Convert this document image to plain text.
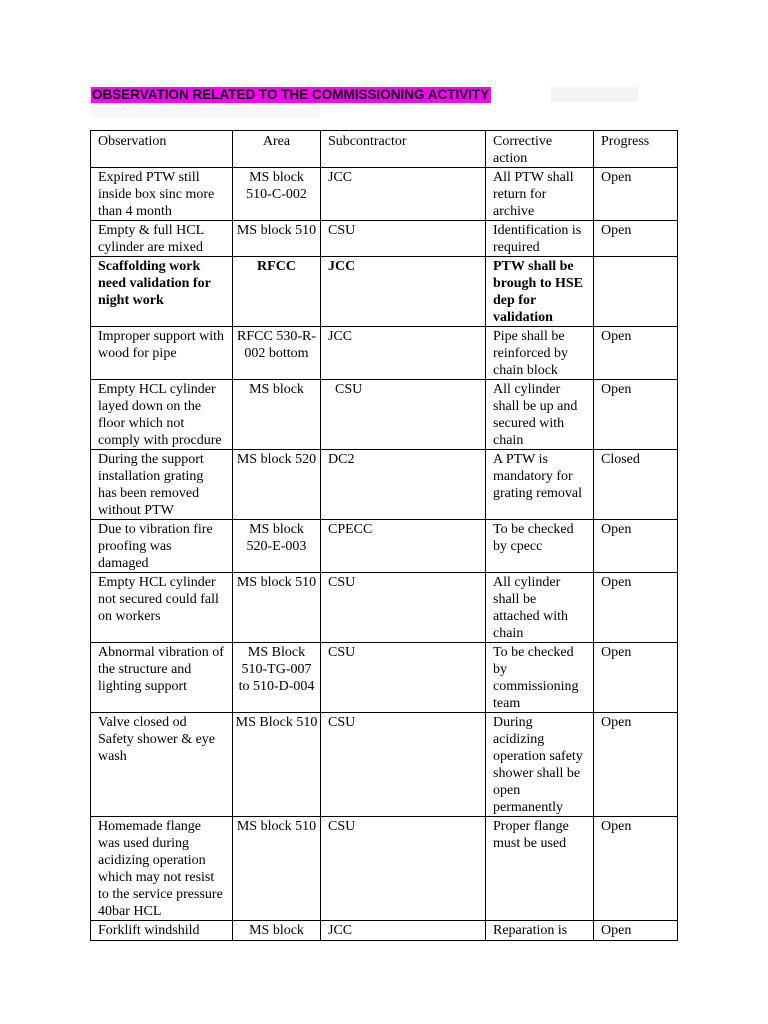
OBSERVATION RELATED TO THE COMMISSIONING ACTIVITY
Observation	Area	Subcontractor	Corrective action	Progress
Expired PTW still inside box sinc more than 4 month	MS block 510-C-002	JCC	All PTW shall return for archive	Open
Empty & full HCL cylinder are mixed	MS block 510	CSU	Identification is required	Open
Scaffolding work need validation for night work	RFCC	JCC	PTW shall be brough to HSE dep for validation	
Improper support with wood for pipe	RFCC 530-R-002 bottom	JCC	Pipe shall be reinforced by chain block	Open
Empty HCL cylinder layed down on the floor which not comply with procdure	MS block	CSU	All cylinder shall be up and secured with chain	Open
During the support installation grating has been removed without PTW	MS block 520	DC2	A PTW is mandatory for grating removal	Closed
Due to vibration fire proofing was damaged	MS block 520-E-003	CPECC	To be checked by cpecc	Open
Empty HCL cylinder not secured could fall on workers	MS block 510	CSU	All cylinder shall be attached with chain	Open
Abnormal vibration of the structure and lighting support	MS Block 510-TG-007 to 510-D-004	CSU	To be checked by commissioning team	Open
Valve closed od Safety shower & eye wash	MS Block 510	CSU	During acidizing operation safety shower shall be open permanently	Open
Homemade flange was used during acidizing operation which may not resist to the service pressure 40bar HCL	MS block 510	CSU	Proper flange must be used	Open
Forklift windshild	MS block	JCC	Reparation is	Open
